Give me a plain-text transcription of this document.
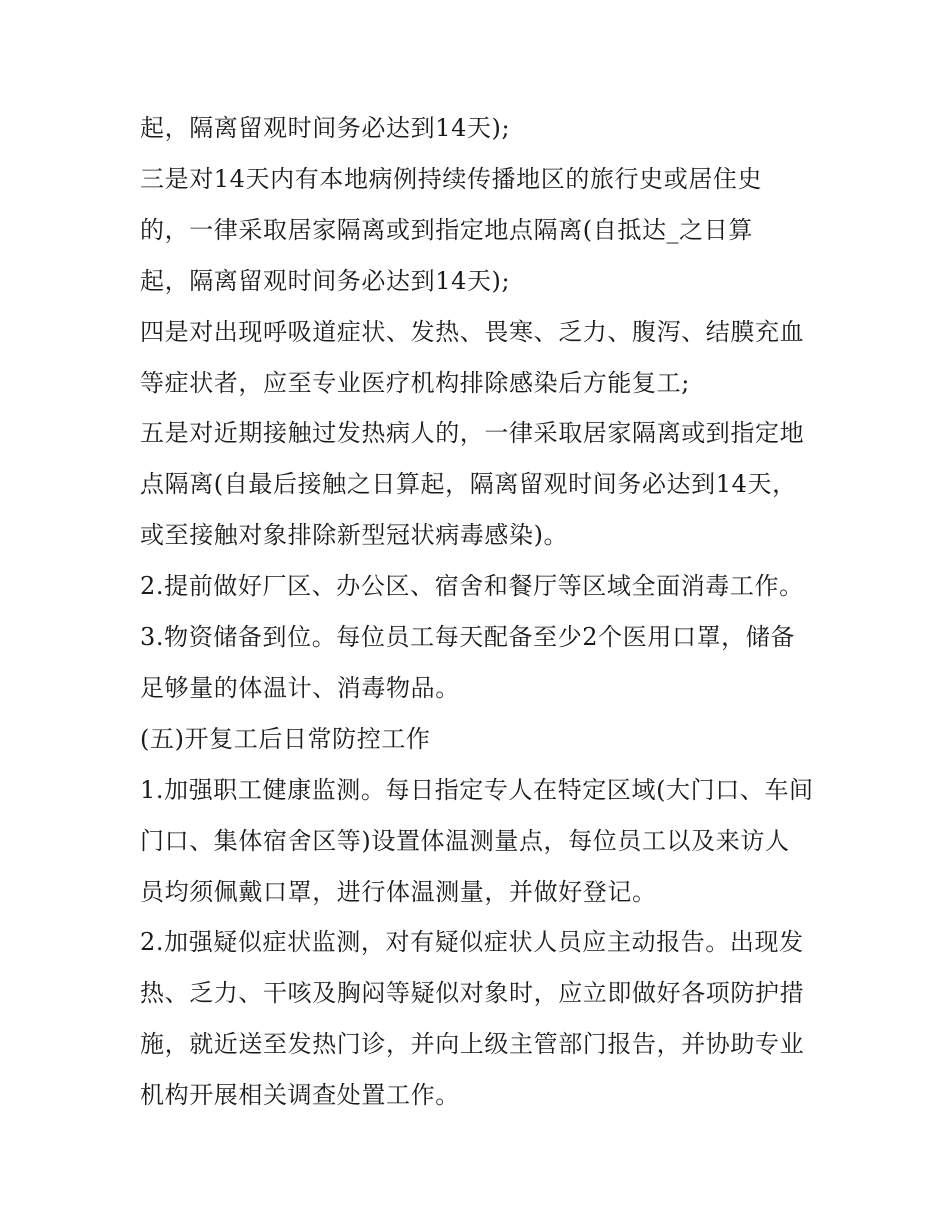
起，隔离留观时间务必达到14天);
三是对14天内有本地病例持续传播地区的旅行史或居住史
的，一律采取居家隔离或到指定地点隔离(自抵达_之日算
起，隔离留观时间务必达到14天);
四是对出现呼吸道症状、发热、畏寒、乏力、腹泻、结膜充血
等症状者，应至专业医疗机构排除感染后方能复工;
五是对近期接触过发热病人的，一律采取居家隔离或到指定地
点隔离(自最后接触之日算起，隔离留观时间务必达到14天，
或至接触对象排除新型冠状病毒感染)。
2.提前做好厂区、办公区、宿舍和餐厅等区域全面消毒工作。
3.物资储备到位。每位员工每天配备至少2个医用口罩，储备
足够量的体温计、消毒物品。
(五)开复工后日常防控工作
1.加强职工健康监测。每日指定专人在特定区域(大门口、车间
门口、集体宿舍区等)设置体温测量点，每位员工以及来访人
员均须佩戴口罩，进行体温测量，并做好登记。
2.加强疑似症状监测，对有疑似症状人员应主动报告。出现发
热、乏力、干咳及胸闷等疑似对象时，应立即做好各项防护措
施，就近送至发热门诊，并向上级主管部门报告，并协助专业
机构开展相关调查处置工作。
